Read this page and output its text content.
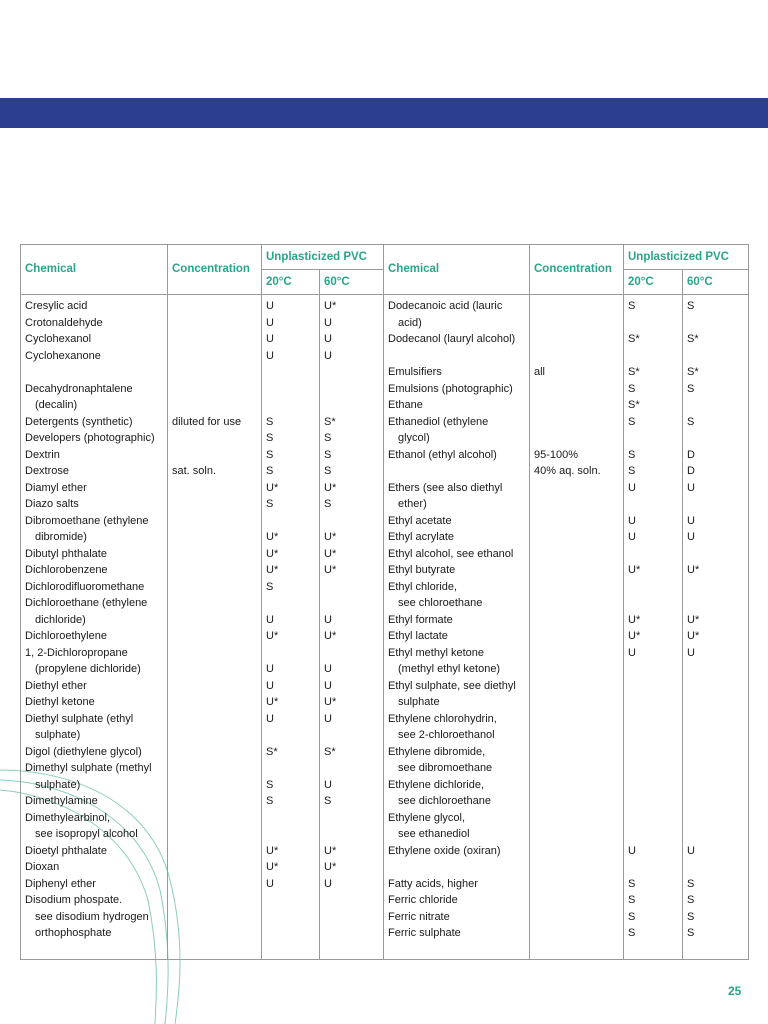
Chemical	Concentration	Unplasticized PVC		Chemical	Concentration	Unplasticized PVC	
		20°C	60°C			20°C	60°C
Cresylic acid		U	U*	Dodecanoic acid (lauric		S	S
Crotonaldehyde		U	U	acid)			

Cyclohexanol		U	U	Dodecanol (lauryl alcohol)		S*	S*
Cyclohexanone		U	U				
				Emulsifiers	all	S*	S*
Decahydronaphtalene				Emulsions (photographic)		S	S

(decalin)				Ethane		S*	
Detergents (synthetic)	diluted for use	S	S*	Ethanediol (ethylene		S	S
Developers (photographic)		S	S	glycol)			

Dextrin		S	S	Ethanol (ethyl alcohol)	95-100%	S	D
Dextrose	sat. soln.	S	S		40% aq. soln.	S	D
Diamyl ether		U*	U*	Ethers (see also diethyl		U	U
Diazo salts		S	S	ether)			

Dibromoethane (ethylene				Ethyl acetate		U	U

dibromide)		U*	U*	Ethyl acrylate		U	U
Dibutyl phthalate		U*	U*	Ethyl alcohol, see ethanol			
Dichlorobenzene		U*	U*	Ethyl butyrate		U*	U*
Dichlorodifluoromethane		S		Ethyl chloride,			
Dichloroethane (ethylene				see chloroethane			

dichloride)		U	U	Ethyl formate		U*	U*
Dichloroethylene		U*	U*	Ethyl lactate		U*	U*
1, 2-Dichloropropane				Ethyl methyl ketone		U	U

(propylene dichloride)		U	U	(methyl ethyl ketone)			

Diethyl ether		U	U	Ethyl sulphate, see diethyl			
Diethyl ketone		U*	U*	sulphate			

Diethyl sulphate (ethyl		U	U	Ethylene chlorohydrin,			

sulphate)				see 2-chloroethanol			

Digol (diethylene glycol)		S*	S*	Ethylene dibromide,			
Dimethyl sulphate (methyl				see dibromoethane			

sulphate)		S	U	Ethylene dichloride,			
Dimethylamine		S	S	see dichloroethane			

Dimethylearbinol,				Ethylene glycol,			

see isopropyl alcohol				see ethanediol			

Dioetyl phthalate		U*	U*	Ethylene oxide (oxiran)		U	U
Dioxan		U*	U*				
Diphenyl ether		U	U	Fatty acids, higher		S	S
Disodium phospate.				Ferric chloride		S	S

see disodium hydrogen				Ferric nitrate		S	S

orthophosphate				Ferric sulphate		S	S

25
